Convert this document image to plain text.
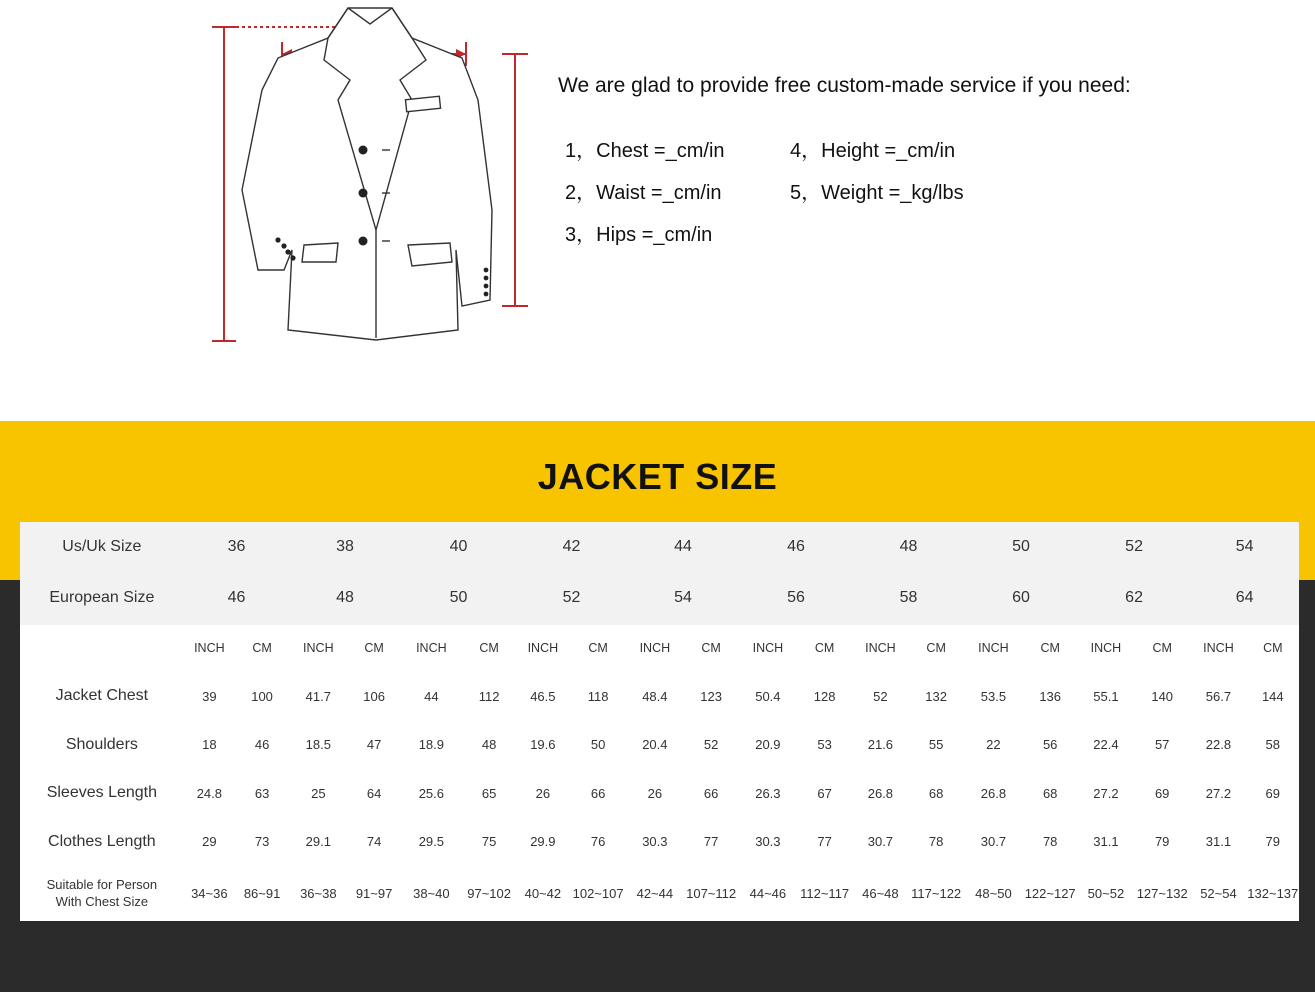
We are glad to provide free custom-made service if you need:
1，Chest =_cm/in
2，Waist =_cm/in
3，Hips =_cm/in
4，Height =_cm/in
5，Weight =_kg/lbs
JACKET SIZE
Us/Uk Size	36		38		40		42		44		46		48		50		52		54	
European Size	46		48		50		52		54		56		58		60		62		64	
	INCH	CM	INCH	CM	INCH	CM	INCH	CM	INCH	CM	INCH	CM	INCH	CM	INCH	CM	INCH	CM	INCH	CM
Jacket Chest	39	100	41.7	106	44	112	46.5	118	48.4	123	50.4	128	52	132	53.5	136	55.1	140	56.7	144
Shoulders	18	46	18.5	47	18.9	48	19.6	50	20.4	52	20.9	53	21.6	55	22	56	22.4	57	22.8	58
Sleeves Length	24.8	63	25	64	25.6	65	26	66	26	66	26.3	67	26.8	68	26.8	68	27.2	69	27.2	69
Clothes Length	29	73	29.1	74	29.5	75	29.9	76	30.3	77	30.3	77	30.7	78	30.7	78	31.1	79	31.1	79

Suitable for Person
With Chest Size	34~36	86~91	36~38	91~97	38~40	97~102	40~42	102~107	42~44	107~112	44~46	112~117	46~48	117~122	48~50	122~127	50~52	127~132	52~54	132~137
